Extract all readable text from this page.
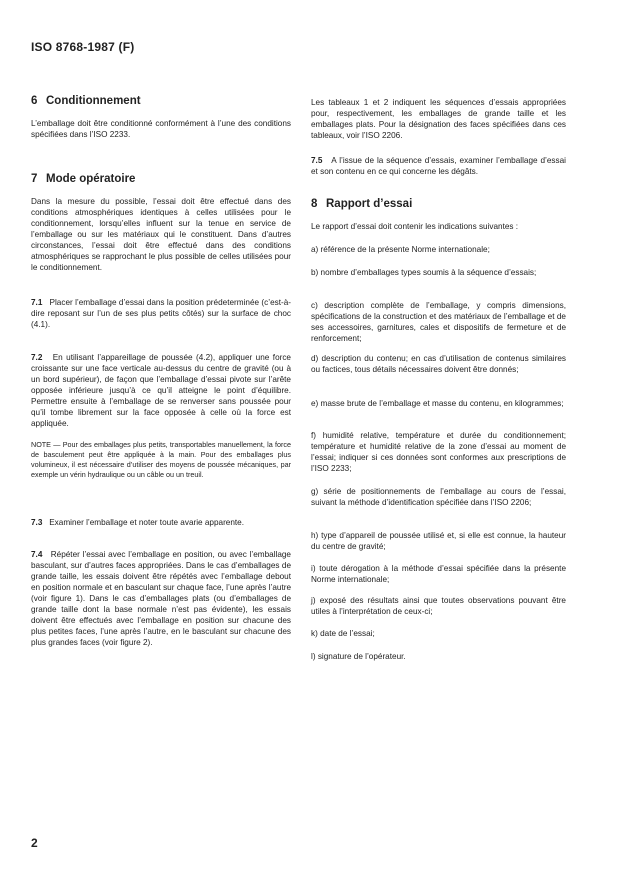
ISO 8768-1987 (F)
6 Conditionnement

L’emballage doit être conditionné conformément à l’une des conditions spécifiées dans l’ISO 2233.

7 Mode opératoire

Dans la mesure du possible, l’essai doit être effectué dans des conditions atmosphériques identiques à celles utilisées pour le conditionnement, lorsqu’elles influent sur la tenue en service de l’emballage ou sur les matériaux qui le constituent. Dans d’autres circonstances, l’essai doit être effectué dans des conditions atmosphériques se rapprochant le plus possible de celles utilisées pour le conditionnement.

7.1 Placer l’emballage d’essai dans la position prédeterminée (c’est-à-dire reposant sur l’un de ses plus petits côtés) sur la surface de choc (4.1).

7.2 En utilisant l’appareillage de poussée (4.2), appliquer une force croissante sur une face verticale au-dessus du centre de gravité (ou à un bord supérieur), de façon que l’emballage d’essai pivote sur l’arête opposée inférieure jusqu’à ce qu’il atteigne le point d’équilibre. Permettre ensuite à l’emballage de se renverser sans poussée pour qu’il tombe librement sur la face opposée à celle où la force est appliquée.

NOTE — Pour des emballages plus petits, transportables manuellement, la force de basculement peut être appliquée à la main. Pour des emballages plus volumineux, il est nécessaire d’utiliser des moyens de poussée mécaniques, par exemple un vérin hydraulique ou un câble ou un treuil.

7.3 Examiner l’emballage et noter toute avarie apparente.

7.4 Répéter l’essai avec l’emballage en position, ou avec l’emballage basculant, sur d’autres faces appropriées. Dans le cas d’emballages de grande taille, les essais doivent être répétés avec l’emballage debout en position normale et en basculant sur chaque face, l’une après l’autre (voir figure 1). Dans le cas d’emballages plats (ou d’emballages de grande taille dont la base normale n’est pas évidente), les essais doivent être effectués avec l’emballage en position sur chacune des plus petites faces, l’une après l’autre, en le basculant sur chacune des plus grandes faces (voir figure 2).

Les tableaux 1 et 2 indiquent les séquences d’essais appropriées pour, respectivement, les emballages de grande taille et les emballages plats. Pour la désignation des faces spécifiées dans ces tableaux, voir l’ISO 2206.

7.5 A l’issue de la séquence d’essais, examiner l’emballage d’essai et son contenu en ce qui concerne les dégâts.

8 Rapport d’essai

Le rapport d’essai doit contenir les indications suivantes :

a) référence de la présente Norme internationale;

b) nombre d’emballages types soumis à la séquence d’essais;

c) description complète de l’emballage, y compris dimensions, spécifications de la construction et des matériaux de l’emballage et de ses accessoires, garnitures, cales et dispositifs de fermeture et de renforcement;

d) description du contenu; en cas d’utilisation de contenus similaires ou factices, tous détails nécessaires doivent être donnés;

e) masse brute de l’emballage et masse du contenu, en kilogrammes;

f) humidité relative, température et durée du conditionnement; température et humidité relative de la zone d’essai au moment de l’essai; indiquer si ces données sont conformes aux prescriptions de l’ISO 2233;

g) série de positionnements de l’emballage au cours de l’essai, suivant la méthode d’identification spécifiée dans l’ISO 2206;

h) type d’appareil de poussée utilisé et, si elle est connue, la hauteur du centre de gravité;

i) toute dérogation à la méthode d’essai spécifiée dans la présente Norme internationale;

j) exposé des résultats ainsi que toutes observations pouvant être utiles à l’interprétation de ceux-ci;

k) date de l’essai;

l) signature de l’opérateur.

2
